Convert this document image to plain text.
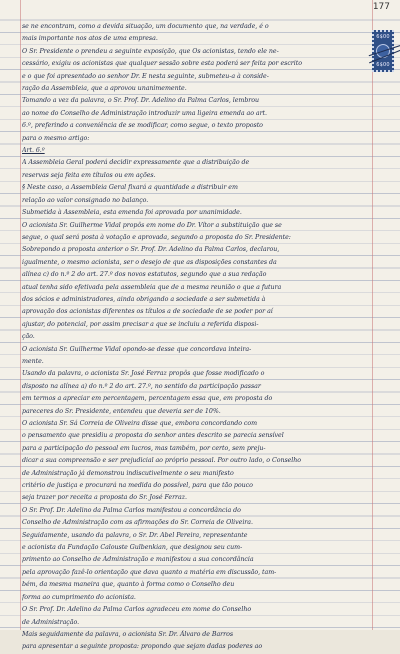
177
6$00
6$00

se ne encontram, como a devida situação, um documento que, na verdade, é o

mais importante nos atos de uma empresa.

O Sr. Presidente o prendeu a seguinte exposição, que Os acionistas, tendo ele ne-

cessário, exigiu os acionistas que qualquer sessão sobre esta poderá ser feita por escrito

e o que foi apresentado ao senhor Dr. E nesta seguinte, submeteu-a à conside-

ração da Assembleia, que a aprovou unanimemente.

Tomando a vez da palavra, o Sr. Prof. Dr. Adelino da Palma Carlos, lembrou

ao nome do Conselho de Administração introduzir uma ligeira emenda ao art.

6.º, preferindo a conveniência de se modificar, como segue, o texto proposto

para o mesmo artigo:

Art. 6.º

A Assembleia Geral poderá decidir expressamente que a distribuição de

reservas seja feita em títulos ou em ações.

§ Neste caso, a Assembleia Geral fixará a quantidade a distribuir em

relação ao valor consignado no balanço.

Submetida à Assembleia, esta emenda foi aprovada por unanimidade.

O acionista Sr. Guilherme Vidal propôs em nome do Dr. Vítor a substituição que se

segue, o qual será posta à votação e aprovada, segundo a proposta do Sr. Presidente:

Sobrepondo a proposta anterior o Sr. Prof. Dr. Adelino da Palma Carlos, declarou,

igualmente, o mesmo acionista, ser o desejo de que as disposições constantes da

alínea c) do n.º 2 do art. 27.º dos novos estatutos, segundo que a sua redação

atual tenha sido efetivada pela assembleia que de a mesma reunião o que a futura

dos sócios e administradores, ainda obrigando a sociedade a ser submetida à

aprovação dos acionistas diferentes os títulos a de sociedade de se poder por aí

ajustar, do potencial, por assim precisar a que se incluiu a referida disposi-

ção.

O acionista Sr. Guilherme Vidal opondo-se desse que concordava inteira-

mente.

Usando da palavra, o acionista Sr. José Ferraz propôs que fosse modificado o

disposto na alínea a) do n.º 2 do art. 27.º, no sentido da participação passar

em termos a apreciar em percentagem, percentagem essa que, em proposta do

pareceres do Sr. Presidente, entendeu que deveria ser de 10%.

O acionista Sr. Sá Correia de Oliveira disse que, embora concordando com

o pensamento que presidiu a proposta do senhor antes descrito se parecia sensível

para a participação do pessoal em lucros, mas também, por certo, sem preju-

dicar a sua compreensão e ser prejudicial ao próprio pessoal. Por outro lado, o Conselho

de Administração já demonstrou indiscutivelmente o seu manifesto

critério de justiça e procurará na medida do possível, para que tão pouco

seja trazer por receita a proposta do Sr. José Ferraz.

O Sr. Prof. Dr. Adelino da Palma Carlos manifestou a concordância do

Conselho de Administração com as afirmações do Sr. Correia de Oliveira.

Seguidamente, usando da palavra, o Sr. Dr. Abel Pereira, representante

e acionista da Fundação Calouste Gulbenkian, que designou seu cum-

primento ao Conselho de Administração e manifestou a sua concordância

pela aprovação fazê-lo orientação que dava quanto a matéria em discussão, tam-

bém, da mesma maneira que, quanto à forma como o Conselho deu

forma ao cumprimento do acionista.

O Sr. Prof. Dr. Adelino da Palma Carlos agradeceu em nome do Conselho

de Administração.

Mais seguidamente da palavra, o acionista Sr. Dr. Álvaro de Barros

para apresentar a seguinte proposta: propondo que sejam dadas poderes ao
